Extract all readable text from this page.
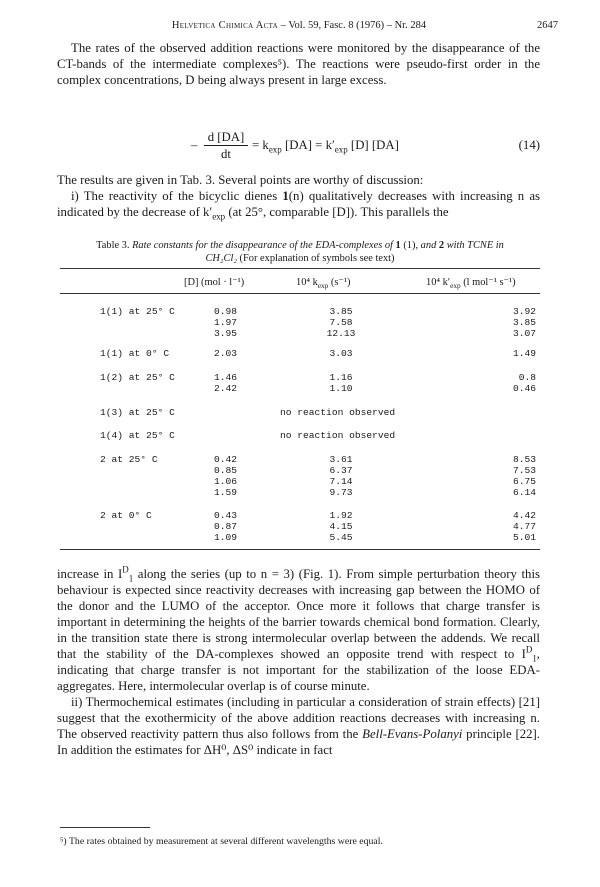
Helvetica Chimica Acta – Vol. 59, Fasc. 8 (1976) – Nr. 284	2647

The rates of the observed addition reactions were monitored by the disappearance of the CT-bands of the intermediate complexes⁵). The reactions were pseudo-first order in the complex concentrations, D being always present in large excess.

– $\frac{d [DA]}{dt} = k_{exp}$ $[DA] = k'_{exp}$ [D] [DA]	(14)

The results are given in Tab. 3. Several points are worthy of discussion:

i) The reactivity of the bicyclic dienes 1(n) qualitatively decreases with increasing n as indicated by the decrease of $k'_{exp}$ (at 25°, comparable [D]). This parallels the

Table 3. Rate constants for the disappearance of the EDA-complexes of 1 (1), and 2 with TCNE in
CH₂Cl₂ (For explanation of symbols see text)
[D] (mol · l⁻¹)	10⁴ $k_{exp}$ (s⁻¹)	10⁴ $k'_{exp}$ (l mol⁻¹ s⁻¹)
1(1) at 25° C	0.98	3.85	3.92
1.97	7.58	3.85
3.95	12.13	3.07
1(1) at 0° C	2.03	3.03	1.49
1(2) at 25° C	1.46	1.16	0.8
2.42	1.10	0.46
1(3) at 25° C	no reaction observed
1(4) at 25° C	no reaction observed
2 at 25° C	0.42	3.61	8.53
0.85	6.37	7.53
1.06	7.14	6.75
1.59	9.73	6.14
2 at 0° C	0.43	1.92	4.42
0.87	4.15	4.77
1.09	5.45	5.01

increase in $I^D_1$ along the series (up to n = 3) (Fig. 1). From simple perturbation theory this behaviour is expected since reactivity decreases with increasing gap between the HOMO of the donor and the LUMO of the acceptor. Once more it follows that charge transfer is important in determining the heights of the barrier towards chemical bond formation. Clearly, in the transition state there is strong intermolecular overlap between the addends. We recall that the stability of the DA-complexes showed an opposite trend with respect to $I^D_1$, indicating that charge transfer is not important for the stabilization of the loose EDA-aggregates. Here, intermolecular overlap is of course minute.

ii) Thermochemical estimates (including in particular a consideration of strain effects) [21] suggest that the exothermicity of the above addition reactions decreases with increasing n. The observed reactivity pattern thus also follows from the Bell-Evans-Polanyi principle [22]. In addition the estimates for ΔH⁰, ΔS⁰ indicate in fact

⁵) The rates obtained by measurement at several different wavelengths were equal.
